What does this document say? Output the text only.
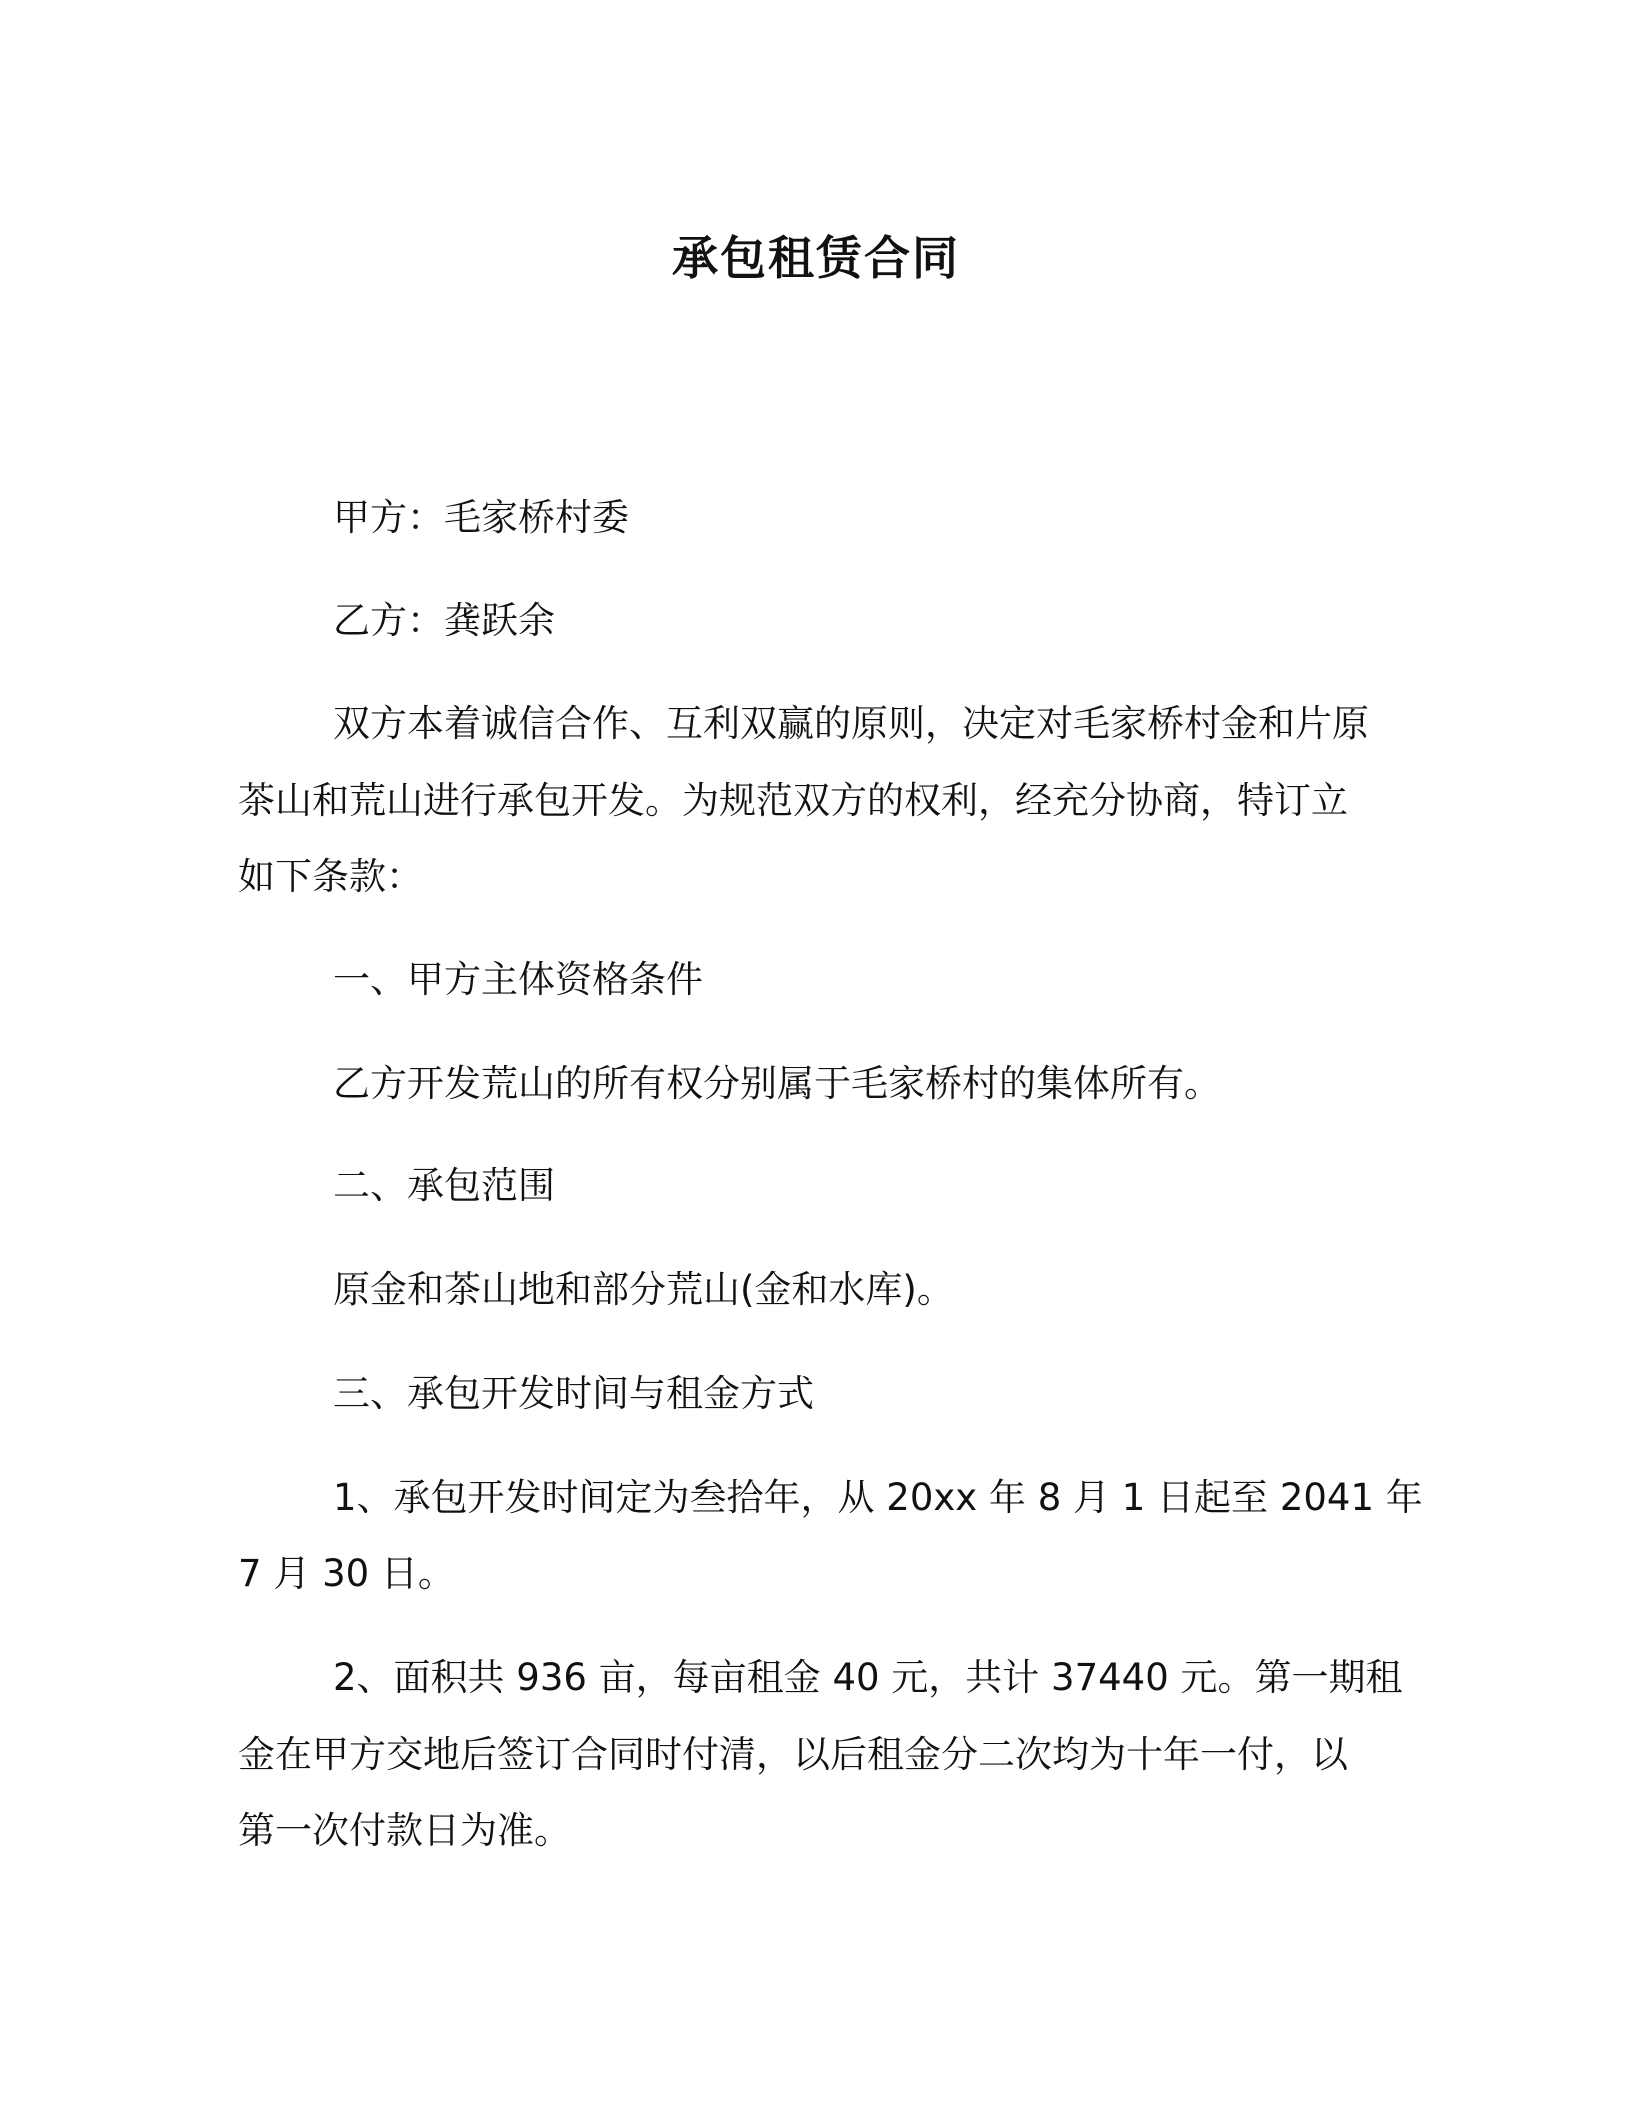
承包租赁合同
甲方：毛家桥村委
乙方：龚跃余
双方本着诚信合作、互利双赢的原则，决定对毛家桥村金和片原
茶山和荒山进行承包开发。为规范双方的权利，经充分协商，特订立
如下条款：
一、甲方主体资格条件
乙方开发荒山的所有权分别属于毛家桥村的集体所有。
二、承包范围
原金和茶山地和部分荒山(金和水库)。
三、承包开发时间与租金方式
1、承包开发时间定为叁拾年，从 20xx 年 8 月 1 日起至 2041 年
7 月 30 日。
2、面积共 936 亩，每亩租金 40 元，共计 37440 元。第一期租
金在甲方交地后签订合同时付清，以后租金分二次均为十年一付，以
第一次付款日为准。
